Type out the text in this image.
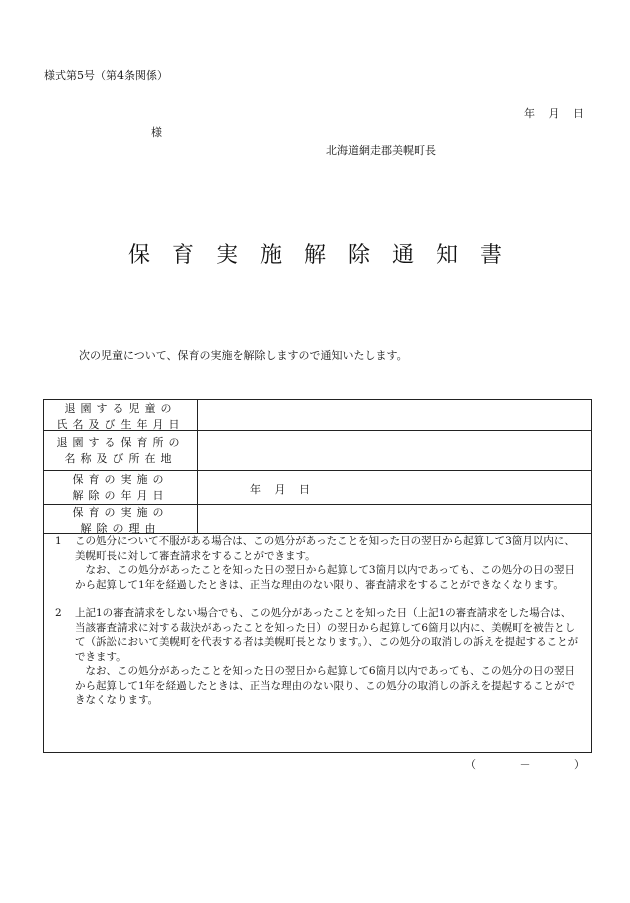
様式第5号（第4条関係）
年 月 日
様
北海道網走郡美幌町長
保育実施解除通知書
次の児童について、保育の実施を解除しますので通知いたします。
退園する児童の
氏名及び生年月日
退園する保育所の
名称及び所在地
保育の実施の
解除の年月日	年 月 日
保育の実施の
解除の理由
1 この処分について不服がある場合は、この処分があったことを知った日の翌日から起算して3箇月以内に、美幌町長に対して審査請求をすることができます。
なお、この処分があったことを知った日の翌日から起算して3箇月以内であっても、この処分の日の翌日から起算して1年を経過したときは、正当な理由のない限り、審査請求をすることができなくなります。
2 上記1の審査請求をしない場合でも、この処分があったことを知った日（上記1の審査請求をした場合は、当該審査請求に対する裁決があったことを知った日）の翌日から起算して6箇月以内に、美幌町を被告として（訴訟において美幌町を代表する者は美幌町長となります。）、この処分の取消しの訴えを提起することができます。
なお、この処分があったことを知った日の翌日から起算して6箇月以内であっても、この処分の日の翌日から起算して1年を経過したときは、正当な理由のない限り、この処分の取消しの訴えを提起することができなくなります。
（ － ）
